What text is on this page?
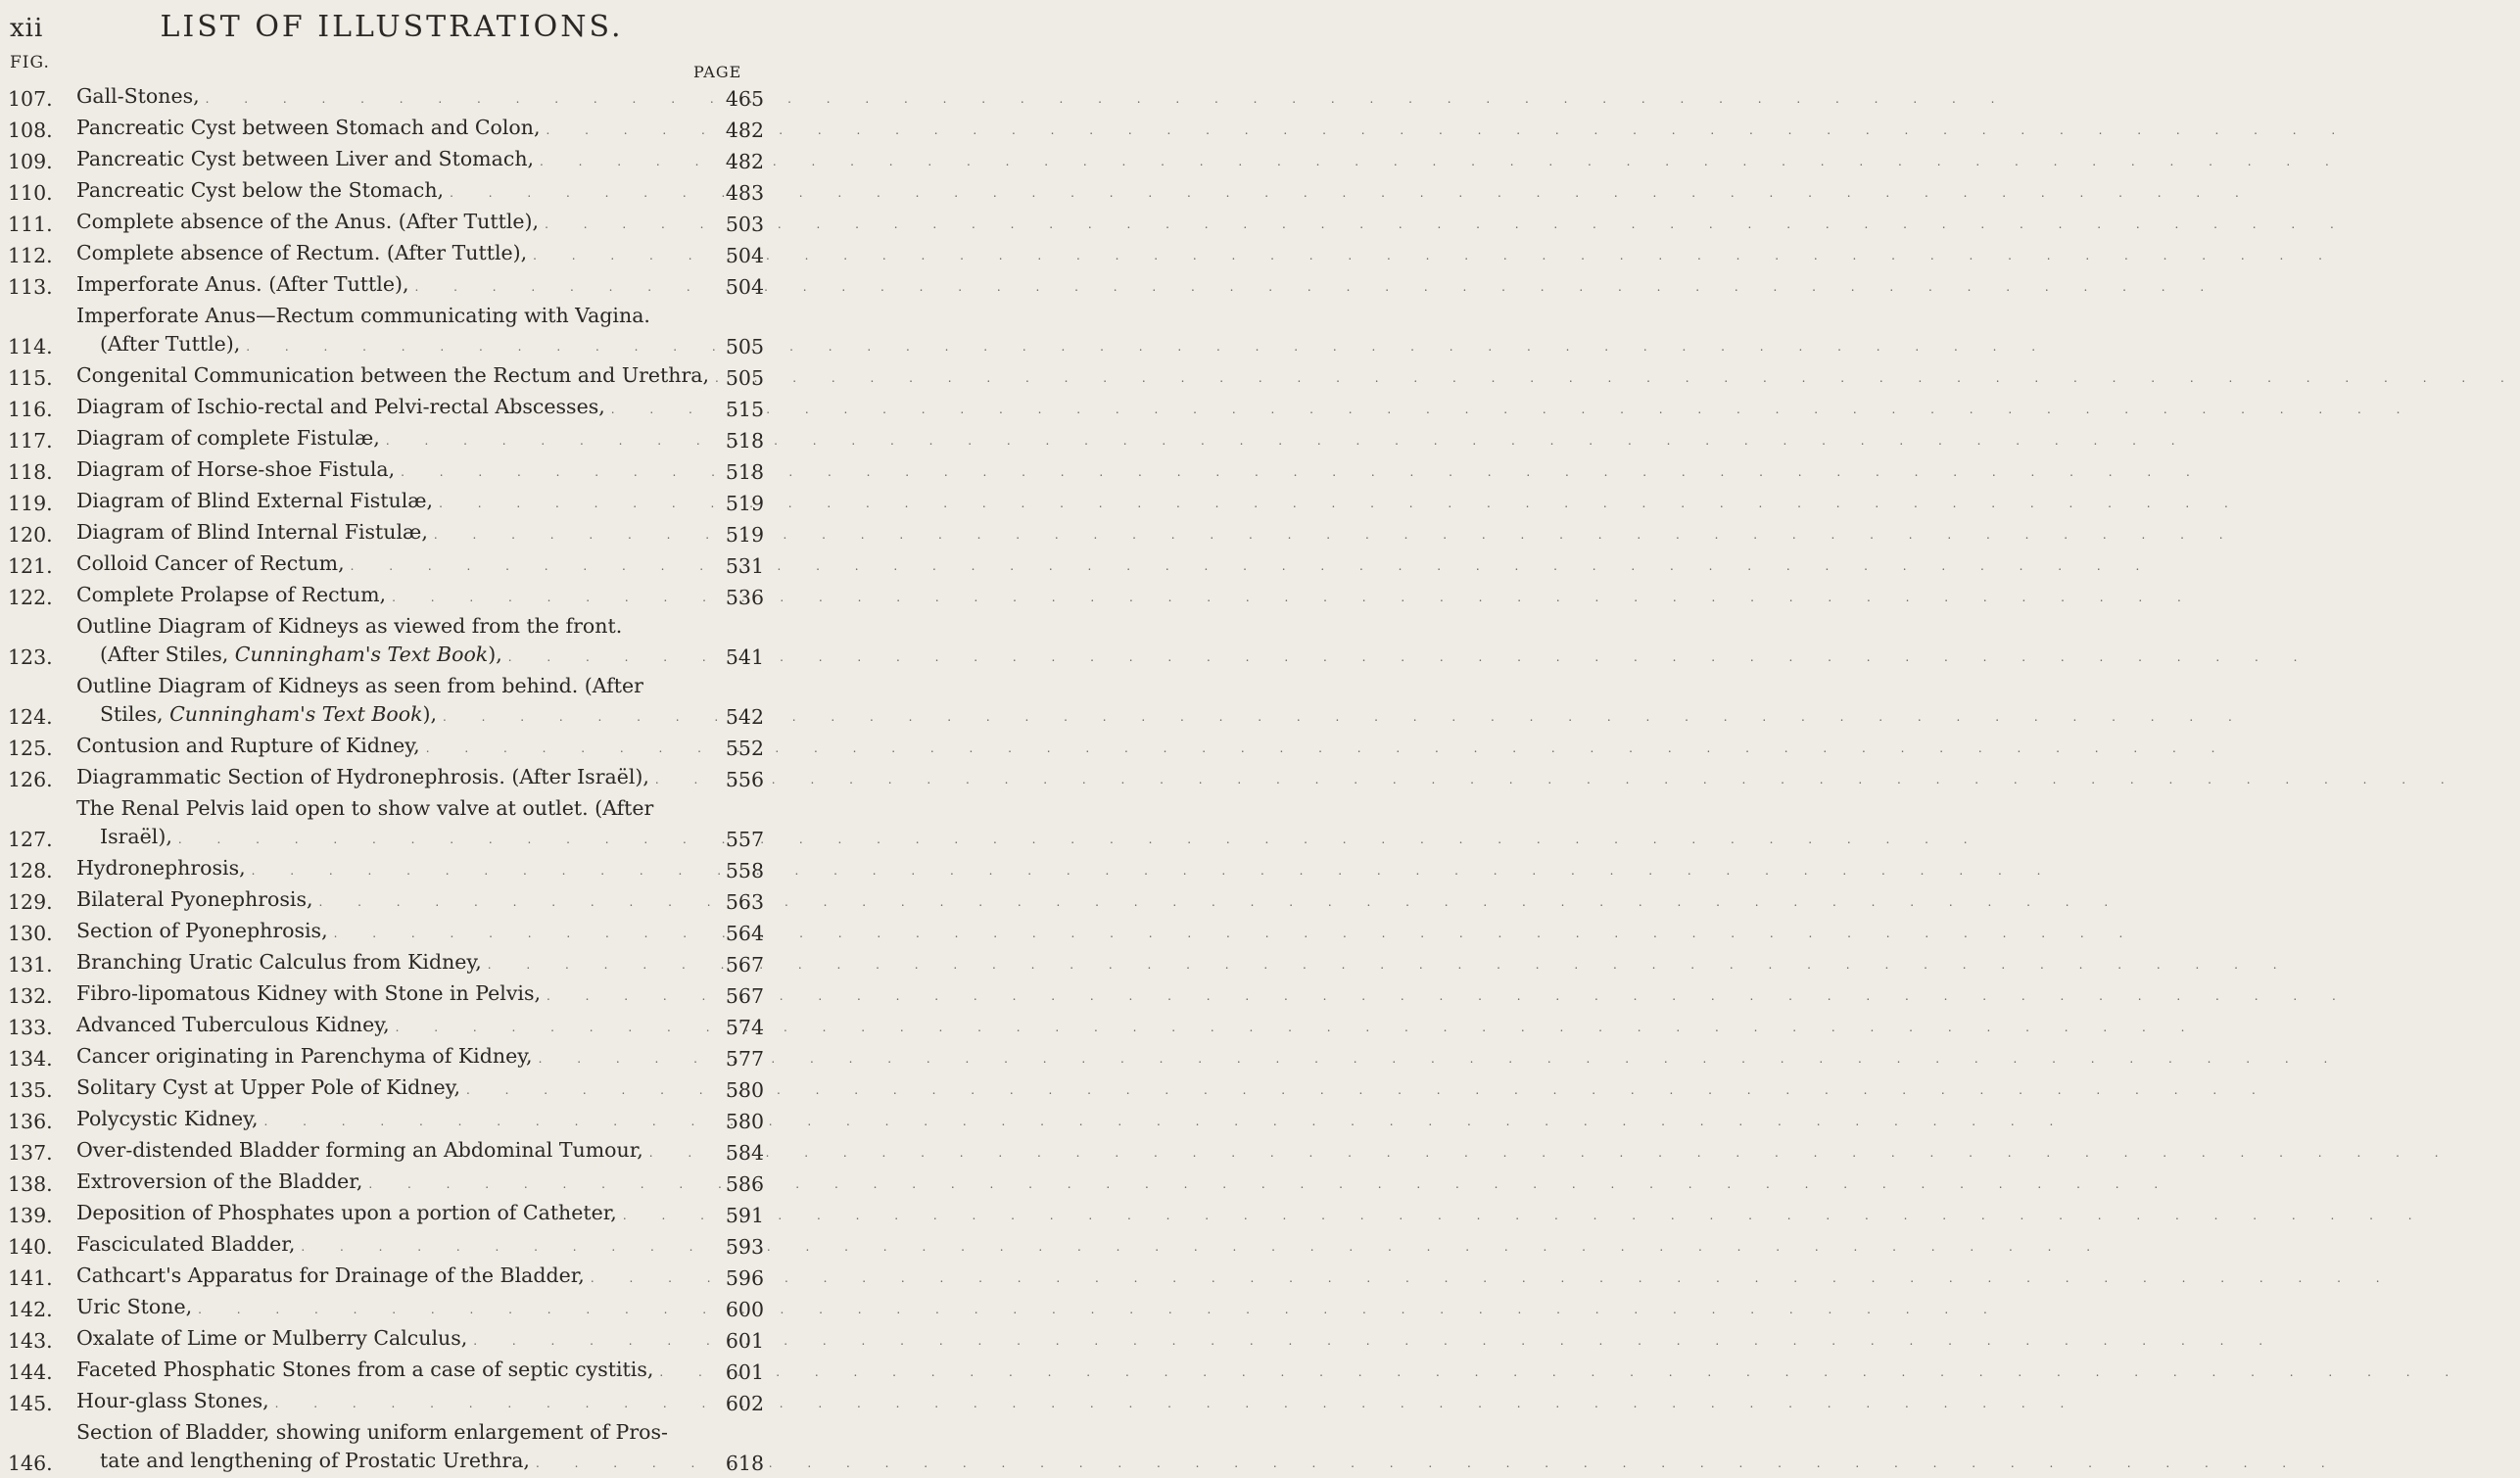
xii	LIST OF ILLUSTRATIONS.
FIG.	PAGE
107.	Gall-Stones, . . .	465
108.	Pancreatic Cyst between Stomach and Colon, . . .	482
109.	Pancreatic Cyst between Liver and Stomach, . . .	482
110.	Pancreatic Cyst below the Stomach, . . .	483
111.	Complete absence of the Anus. (After Tuttle), . . .	503
112.	Complete absence of Rectum. (After Tuttle), . . .	504
113.	Imperforate Anus. (After Tuttle), . . .	504
114.
Imperforate Anus—Rectum communicating with Vagina.
(After Tuttle), . . .	505
115.	Congenital Communication between the Rectum and Urethra, . . . 505
116.	Diagram of Ischio-rectal and Pelvi-rectal Abscesses, . . .	515
117.	Diagram of complete Fistulæ, . . .	518
118.	Diagram of Horse-shoe Fistula, . . .	518
119.	Diagram of Blind External Fistulæ, . . .	519
120.	Diagram of Blind Internal Fistulæ, . . .	519
121.	Colloid Cancer of Rectum, . . .	531
122.	Complete Prolapse of Rectum, . . .	536
123.
Outline Diagram of Kidneys as viewed from the front.
(After Stiles, Cunningham's Text Book), . . .	541
124.
Outline Diagram of Kidneys as seen from behind. (After
Stiles, Cunningham's Text Book), . . .	542
125.	Contusion and Rupture of Kidney, . . .	552
126.	Diagrammatic Section of Hydronephrosis. (After Israël), . . .	556
127.
The Renal Pelvis laid open to show valve at outlet. (After
Israël), . . .	557
128.	Hydronephrosis, . . .	558
129.	Bilateral Pyonephrosis, . . .	563
130.	Section of Pyonephrosis, . . .	564
131.	Branching Uratic Calculus from Kidney, . . .	567
132.	Fibro-lipomatous Kidney with Stone in Pelvis, . . .	567
133.	Advanced Tuberculous Kidney, . . .	574
134.	Cancer originating in Parenchyma of Kidney, . . .	577
135.	Solitary Cyst at Upper Pole of Kidney, . . .	580
136.	Polycystic Kidney, . . .	580
137.	Over-distended Bladder forming an Abdominal Tumour, . . .	584
138.	Extroversion of the Bladder, . . .	586
139.	Deposition of Phosphates upon a portion of Catheter, . . .	591
140.	Fasciculated Bladder, . . .	593
141.	Cathcart's Apparatus for Drainage of the Bladder, . . .	596
142.	Uric Stone, . . .	600
143.	Oxalate of Lime or Mulberry Calculus, . . .	601
144.	Faceted Phosphatic Stones from a case of septic cystitis, . . .	601
145.	Hour-glass Stones, . . .	602
146.
Section of Bladder, showing uniform enlargement of Pros-
tate and lengthening of Prostatic Urethra, . . .	618
